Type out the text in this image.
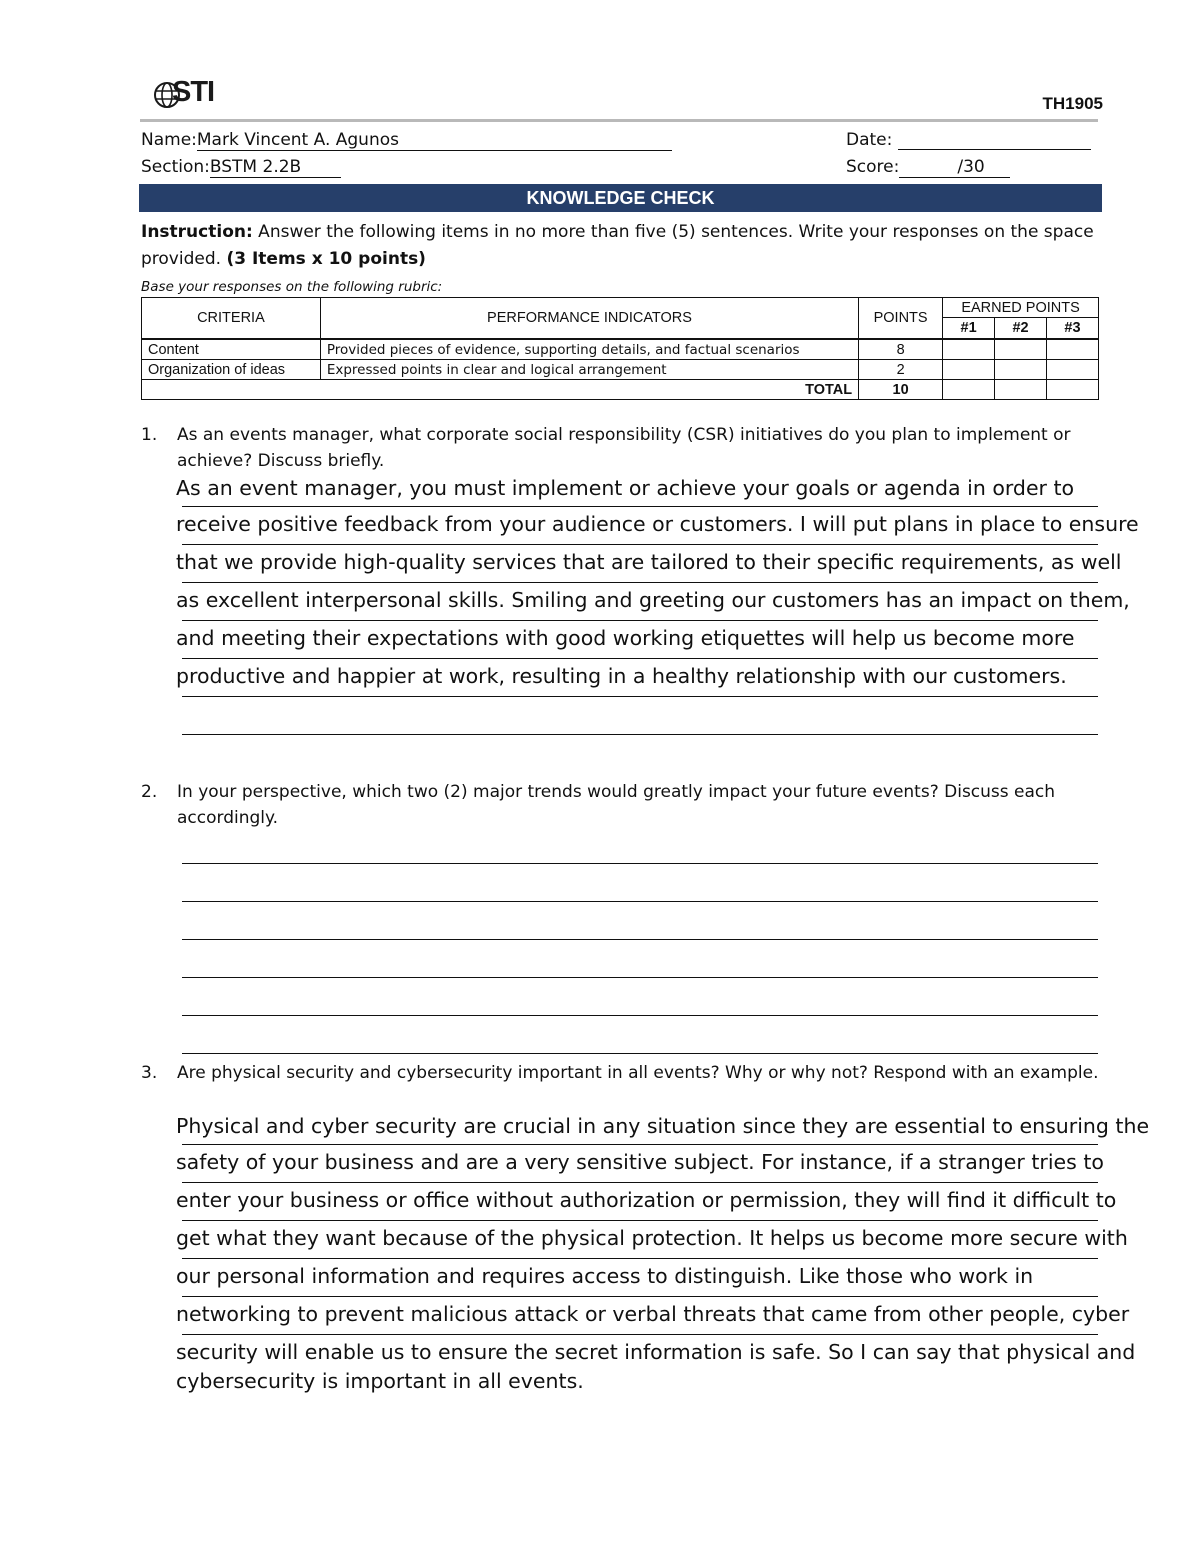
STI	TH1905
Name:Mark Vincent A. Agunos	Date:
Section:BSTM 2.2B	Score:	/30
KNOWLEDGE CHECK
Instruction: Answer the following items in no more than five (5) sentences. Write your responses on the space provided. (3 Items x 10 points)
Base your responses on the following rubric:
CRITERIA	PERFORMANCE INDICATORS	POINTS	EARNED POINTS		
			#1	#2	#3
Content	Provided pieces of evidence, supporting details, and factual scenarios	8			
Organization of ideas	Expressed points in clear and logical arrangement	2			
TOTAL		10			
1. As an events manager, what corporate social responsibility (CSR) initiatives do you plan to implement or achieve? Discuss briefly.
As an event manager, you must implement or achieve your goals or agenda in order to
receive positive feedback from your audience or customers. I will put plans in place to ensure
that we provide high-quality services that are tailored to their specific requirements, as well
as excellent interpersonal skills. Smiling and greeting our customers has an impact on them,
and meeting their expectations with good working etiquettes will help us become more
productive and happier at work, resulting in a healthy relationship with our customers.
2. In your perspective, which two (2) major trends would greatly impact your future events? Discuss each accordingly.
3. Are physical security and cybersecurity important in all events? Why or why not? Respond with an example.
Physical and cyber security are crucial in any situation since they are essential to ensuring the
safety of your business and are a very sensitive subject. For instance, if a stranger tries to
enter your business or office without authorization or permission, they will find it difficult to
get what they want because of the physical protection. It helps us become more secure with
our personal information and requires access to distinguish. Like those who work in
networking to prevent malicious attack or verbal threats that came from other people, cyber
security will enable us to ensure the secret information is safe. So I can say that physical and
cybersecurity is important in all events.
